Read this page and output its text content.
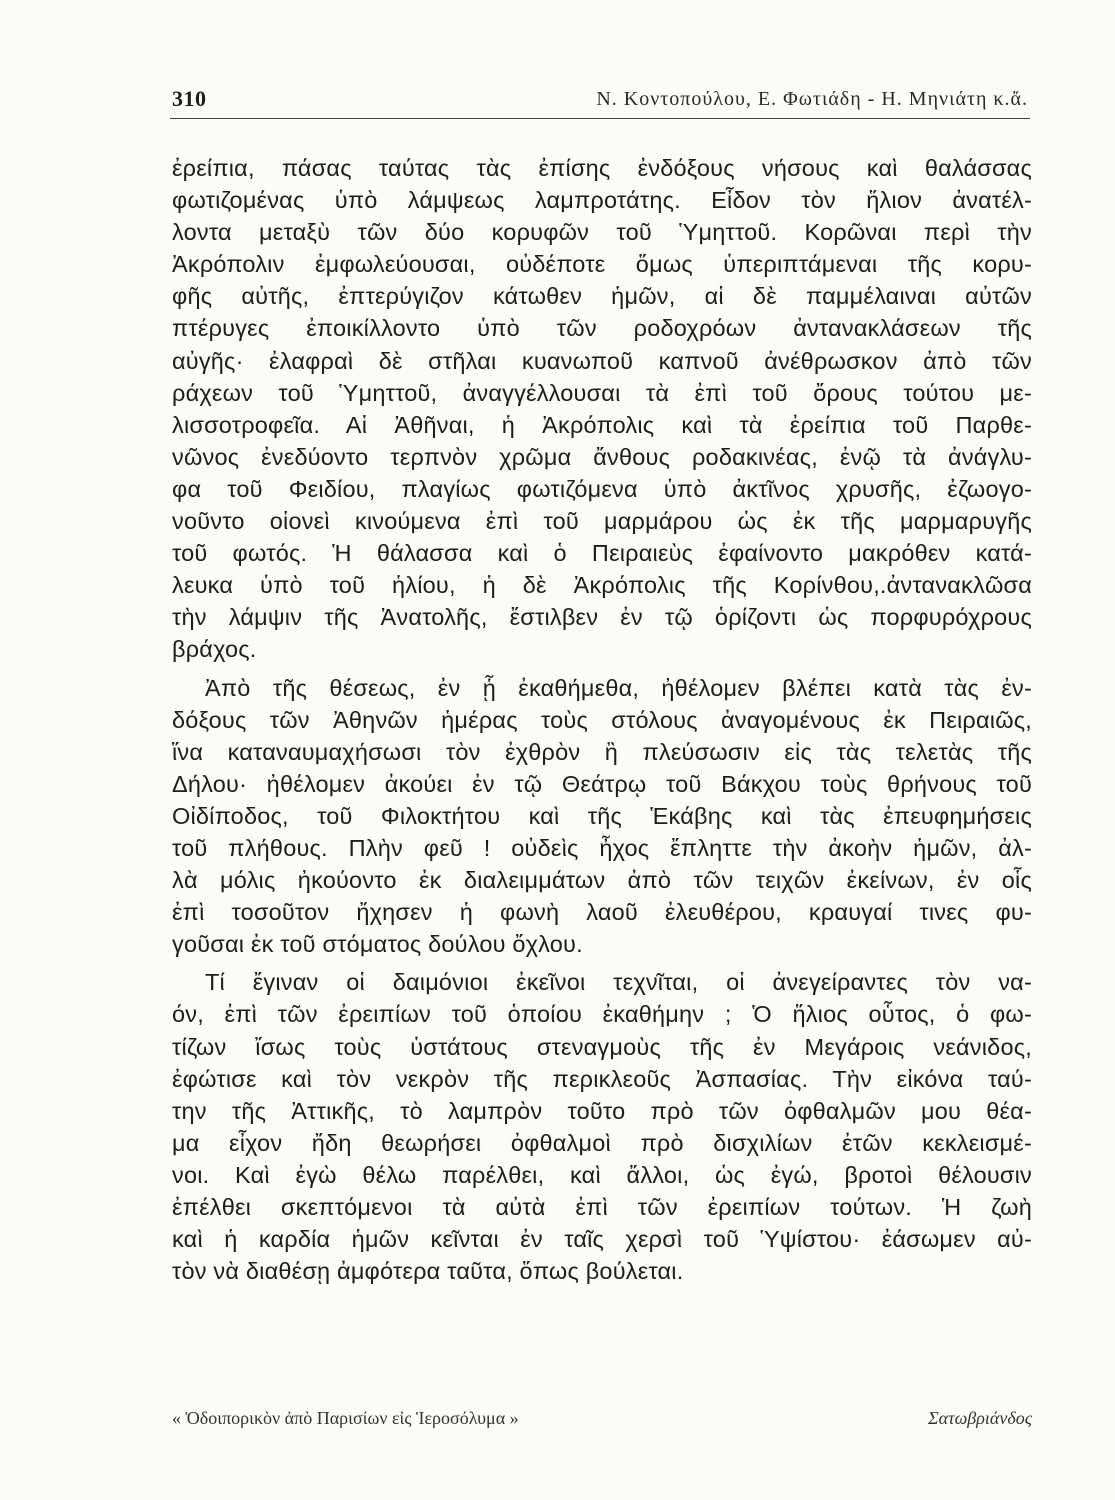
310	Ν. Κοντοπούλου, Ε. Φωτιάδη - Η. Μηνιάτη κ.ἄ.
ἐρείπια, πάσας ταύτας τὰς ἐπίσης ἐνδόξους νήσους καὶ θαλάσσας
φωτιζομένας ὑπὸ λάμψεως λαμπροτάτης. Εἶδον τὸν ἥλιον ἀνατέλ-
λοντα μεταξὺ τῶν δύο κορυφῶν τοῦ Ὑμηττοῦ. Κορῶναι περὶ τὴν
Ἀκρόπολιν ἐμφωλεύουσαι, οὐδέποτε ὅμως ὑπεριπτάμεναι τῆς κορυ-
φῆς αὐτῆς, ἐπτερύγιζον κάτωθεν ἡμῶν, αἱ δὲ παμμέλαιναι αὐτῶν
πτέρυγες ἐποικίλλοντο ὑπὸ τῶν ροδοχρόων ἀντανακλάσεων τῆς
αὐγῆς· ἐλαφραὶ δὲ στῆλαι κυανωποῦ καπνοῦ ἀνέθρωσκον ἀπὸ τῶν
ράχεων τοῦ Ὑμηττοῦ, ἀναγγέλλουσαι τὰ ἐπὶ τοῦ ὄρους τούτου με-
λισσοτροφεῖα. Αἱ Ἀθῆναι, ἡ Ἀκρόπολις καὶ τὰ ἐρείπια τοῦ Παρθε-
νῶνος ἐνεδύοντο τερπνὸν χρῶμα ἄνθους ροδακινέας, ἐνῷ τὰ ἀνάγλυ-
φα τοῦ Φειδίου, πλαγίως φωτιζόμενα ὑπὸ ἀκτῖνος χρυσῆς, ἐζωογο-
νοῦντο οἱονεὶ κινούμενα ἐπὶ τοῦ μαρμάρου ὡς ἐκ τῆς μαρμαρυγῆς
τοῦ φωτός. Ἡ θάλασσα καὶ ὁ Πειραιεὺς ἐφαίνοντο μακρόθεν κατά-
λευκα ὑπὸ τοῦ ἡλίου, ἡ δὲ Ἀκρόπολις τῆς Κορίνθου,.ἀντανακλῶσα
τὴν λάμψιν τῆς Ἀνατολῆς, ἔστιλβεν ἐν τῷ ὁρίζοντι ὡς πορφυρόχρους
βράχος.
Ἀπὸ τῆς θέσεως, ἐν ᾗ ἐκαθήμεθα, ἠθέλομεν βλέπει κατὰ τὰς ἐν-
δόξους τῶν Ἀθηνῶν ἡμέρας τοὺς στόλους ἀναγομένους ἐκ Πειραιῶς,
ἵνα καταναυμαχήσωσι τὸν ἐχθρὸν ἢ πλεύσωσιν εἰς τὰς τελετὰς τῆς
Δήλου· ἠθέλομεν ἀκούει ἐν τῷ Θεάτρῳ τοῦ Βάκχου τοὺς θρήνους τοῦ
Οἰδίποδος, τοῦ Φιλοκτήτου καὶ τῆς Ἑκάβης καὶ τὰς ἐπευφημήσεις
τοῦ πλήθους. Πλὴν φεῦ ! οὐδεὶς ἦχος ἔπληττε τὴν ἀκοὴν ἡμῶν, ἀλ-
λὰ μόλις ἠκούοντο ἐκ διαλειμμάτων ἀπὸ τῶν τειχῶν ἐκείνων, ἐν οἷς
ἐπὶ τοσοῦτον ἤχησεν ἡ φωνὴ λαοῦ ἐλευθέρου, κραυγαί τινες φυ-
γοῦσαι ἐκ τοῦ στόματος δούλου ὄχλου.
Τί ἔγιναν οἱ δαιμόνιοι ἐκεῖνοι τεχνῖται, οἱ ἀνεγείραντες τὸν να-
όν, ἐπὶ τῶν ἐρειπίων τοῦ ὁποίου ἐκαθήμην ; Ὁ ἥλιος οὗτος, ὁ φω-
τίζων ἴσως τοὺς ὑστάτους στεναγμοὺς τῆς ἐν Μεγάροις νεάνιδος,
ἐφώτισε καὶ τὸν νεκρὸν τῆς περικλεοῦς Ἀσπασίας. Τὴν εἰκόνα ταύ-
την τῆς Ἀττικῆς, τὸ λαμπρὸν τοῦτο πρὸ τῶν ὀφθαλμῶν μου θέα-
μα εἶχον ἤδη θεωρήσει ὀφθαλμοὶ πρὸ δισχιλίων ἐτῶν κεκλεισμέ-
νοι. Καὶ ἐγὼ θέλω παρέλθει, καὶ ἄλλοι, ὡς ἐγώ, βροτοὶ θέλουσιν
ἐπέλθει σκεπτόμενοι τὰ αὐτὰ ἐπὶ τῶν ἐρειπίων τούτων. Ἡ ζωὴ
καὶ ἡ καρδία ἡμῶν κεῖνται ἐν ταῖς χερσὶ τοῦ Ὑψίστου· ἐάσωμεν αὐ-
τὸν νὰ διαθέσῃ ἀμφότερα ταῦτα, ὅπως βούλεται.
« Ὁδοιπορικὸν ἀπὸ Παρισίων εἰς Ἱεροσόλυμα »	Σατωβριάνδος
